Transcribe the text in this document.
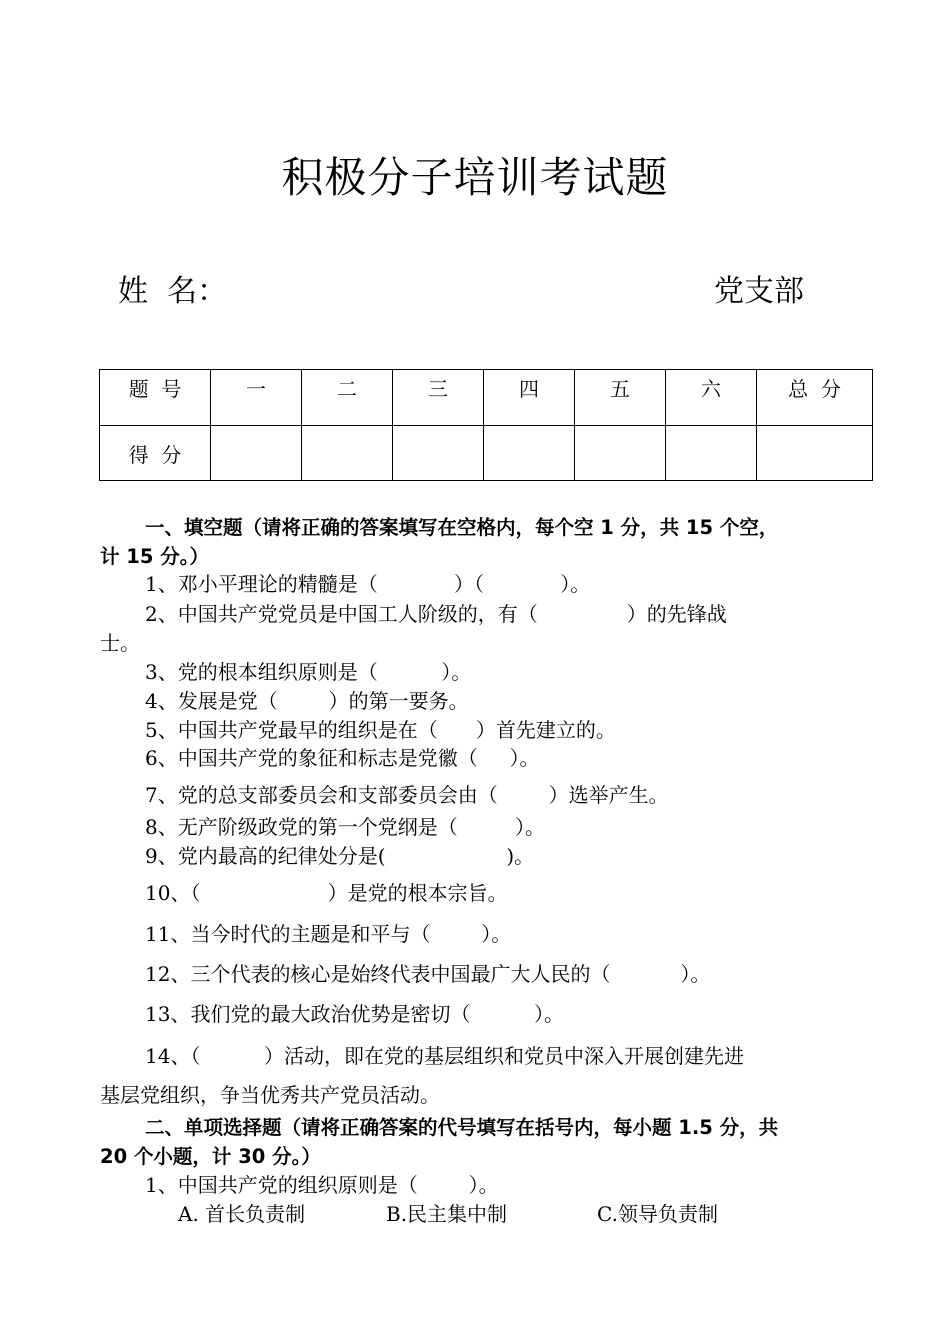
积极分子培训考试题
姓  名：	党支部
题  号	一	二	三	四	五	六	总  分
得  分							
一、填空题（请将正确的答案填写在空格内，每个空 1 分，共 15 个空，
计 15 分。）
1、邓小平理论的精髓是（            ）（            ）。
2、中国共产党党员是中国工人阶级的，有（              ）的先锋战
士。
3、党的根本组织原则是（          ）。
4、发展是党（        ）的第一要务。
5、中国共产党最早的组织是在（      ）首先建立的。
6、中国共产党的象征和标志是党徽（     ）。
7、党的总支部委员会和支部委员会由（        ）选举产生。
8、无产阶级政党的第一个党纲是（         ）。
9、党内最高的纪律处分是(                   )。
10、（                    ）是党的根本宗旨。
11、当今时代的主题是和平与（        ）。
12、三个代表的核心是始终代表中国最广大人民的（           ）。
13、我们党的最大政治优势是密切（          ）。
14、（          ）活动，即在党的基层组织和党员中深入开展创建先进
基层党组织，争当优秀共产党员活动。
二、单项选择题（请将正确答案的代号填写在括号内，每小题 1.5 分，共
20 个小题，计 30 分。）
1、中国共产党的组织原则是（        ）。
A. 首长负责制	B.民主集中制	C.领导负责制
